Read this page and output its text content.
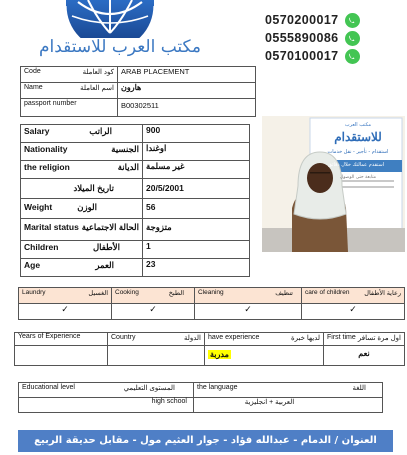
مكتب العرب للاستقدام
0570200017
0555890086
0570100017
Code كود العاملة	ARAB PLACEMENT

Name اسم العاملة	هارون

passport number	B00302511
Salary الراتب	900

Nationality الجنسية	اوغندا

the religion الديانة	غير مسلمة

تاريخ الميلاد	20/5/2001

Weight الوزن	56

Marital status الحالة الاجتماعية	متزوجة

Children الأطفال	1

Age العمر	23
مكتب العرب
للاستقدام
استقدام - تأجير - نقل خدمات
استقدم عمالتك خلال دقائق
متابعة حتى الوصول
Laundry الغسيل	Cooking الطبخ	Cleaning تنظيف	care of children رعاية الأطفال

✓	✓	✓	✓
Years of Experience	Country الدولة	have experience لديها خبرة	First time اول مرة تسافر

		مدربة	نعم
Educational level المستوى التعليمي	the language اللغة

high school	العربية + انجليزية
العنوان / الدمام - عبدالله فؤاد - جوار العثيم مول - مقابل حديقة الربيع
